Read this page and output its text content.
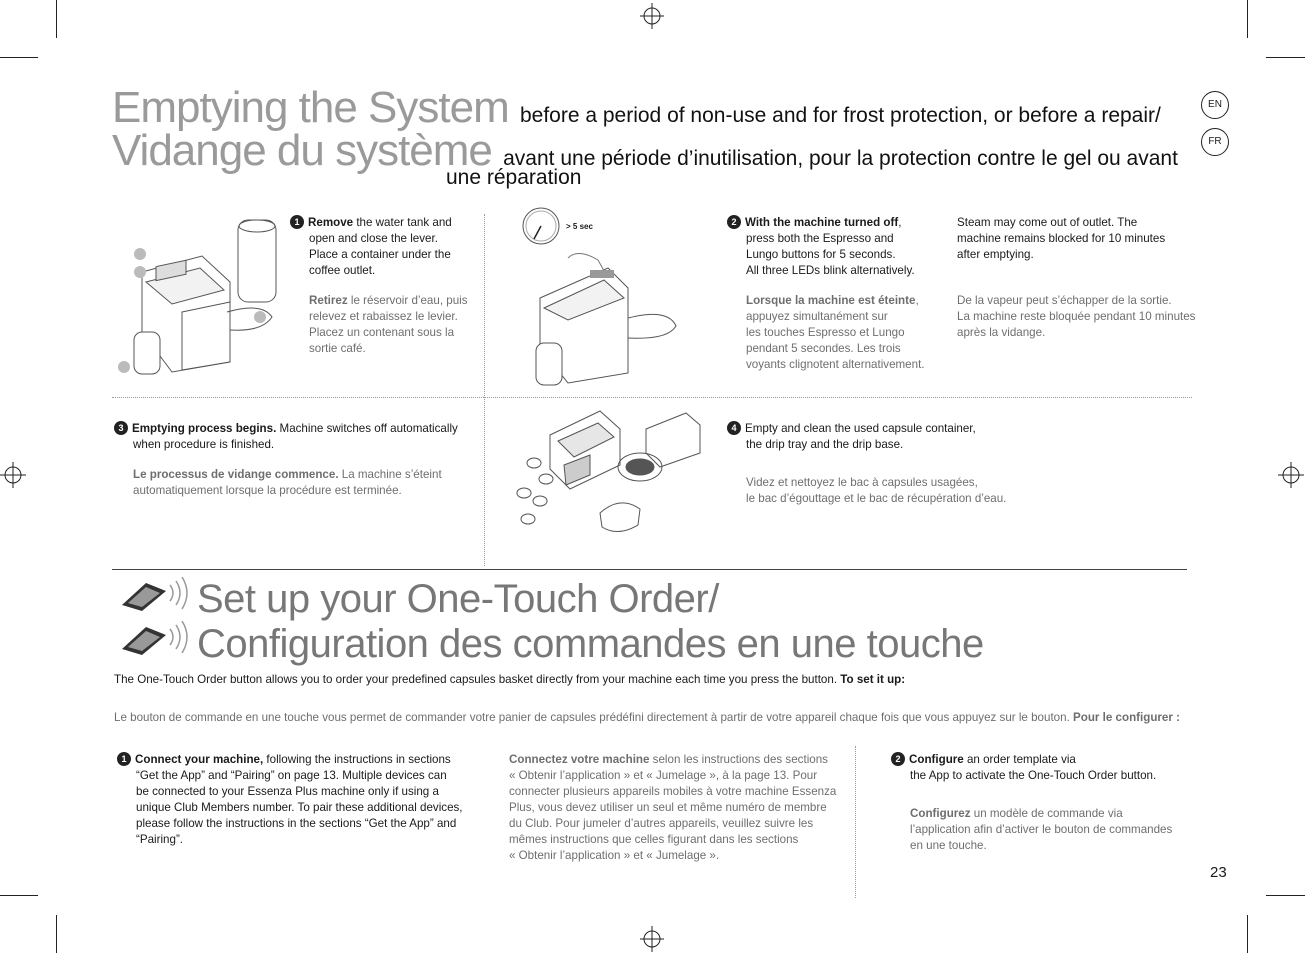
Emptying the System before a period of non-use and for frost protection, or before a repair/
Vidange du système avant une période d’inutilisation, pour la protection contre le gel ou avant
une réparation
EN
FR
1 Remove the water tank and
open and close the lever.
Place a container under the
coffee outlet.
Retirez le réservoir d’eau, puis
relevez et rabaissez le levier.
Placez un contenant sous la
sortie café.
> 5 sec	2 With the machine turned off,
press both the Espresso and
Lungo buttons for 5 seconds.
All three LEDs blink alternatively.
Lorsque la machine est éteinte,
appuyez simultanément sur
les touches Espresso et Lungo
pendant 5 secondes. Les trois
voyants clignotent alternativement.
Steam may come out of outlet. The
machine remains blocked for 10 minutes
after emptying.
De la vapeur peut s’échapper de la sortie.
La machine reste bloquée pendant 10 minutes
après la vidange.
3 Emptying process begins. Machine switches off automatically
when procedure is finished.
Le processus de vidange commence. La machine s’éteint
automatiquement lorsque la procédure est terminée.
4 Empty and clean the used capsule container,
the drip tray and the drip base.
Videz et nettoyez le bac à capsules usagées,
le bac d’égouttage et le bac de récupération d’eau.
Set up your One-Touch Order/
Configuration des commandes en une touche
The One-Touch Order button allows you to order your predefined capsules basket directly from your machine each time you press the button. To set it up:
Le bouton de commande en une touche vous permet de commander votre panier de capsules prédéfini directement à partir de votre appareil chaque fois que vous appuyez sur le bouton. Pour le configurer :
1 Connect your machine, following the instructions in sections
“Get the App” and “Pairing” on page 13. Multiple devices can
be connected to your Essenza Plus machine only if using a
unique Club Members number. To pair these additional devices,
please follow the instructions in the sections “Get the App” and
“Pairing”.
Connectez votre machine selon les instructions des sections
« Obtenir l’application » et « Jumelage », à la page 13. Pour
connecter plusieurs appareils mobiles à votre machine Essenza
Plus, vous devez utiliser un seul et même numéro de membre
du Club. Pour jumeler d’autres appareils, veuillez suivre les
mêmes instructions que celles figurant dans les sections
« Obtenir l’application » et « Jumelage ».
2 Configure an order template via
the App to activate the One-Touch Order button.
Configurez un modèle de commande via
l’application afin d’activer le bouton de commandes
en une touche.
23
